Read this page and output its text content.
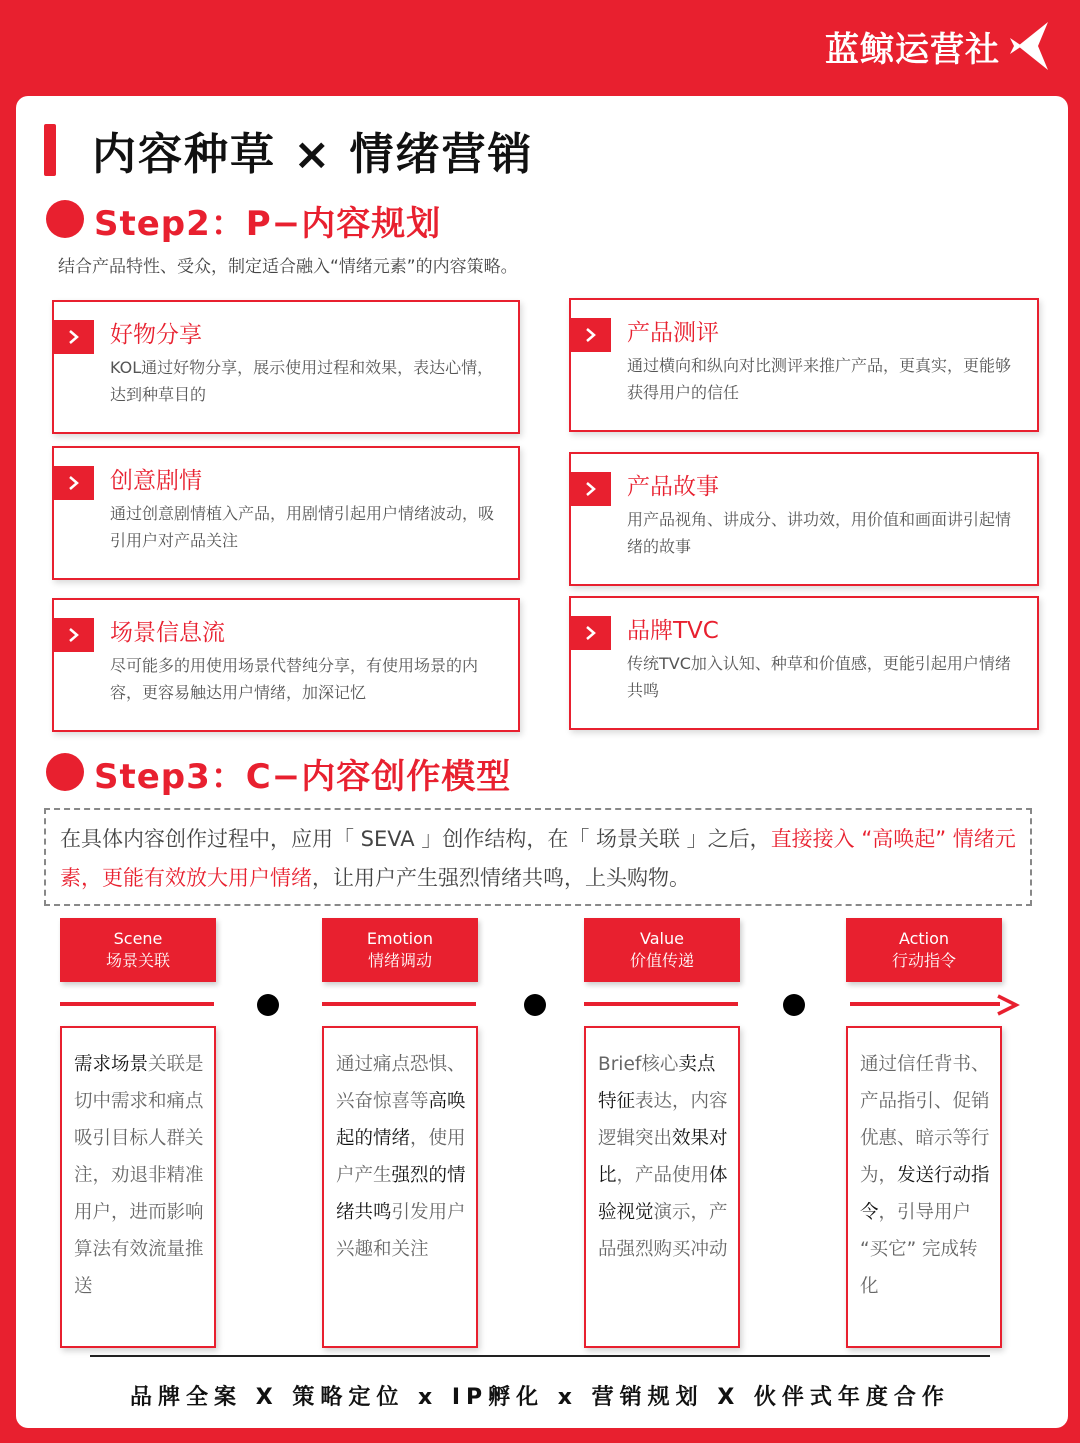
蓝鲸运营社
内容种草 × 情绪营销
Step2：P−内容规划
结合产品特性、受众，制定适合融入“情绪元素”的内容策略。
好物分享
KOL通过好物分享，展示使用过程和效果，表达心情，达到种草目的
产品测评
通过横向和纵向对比测评来推广产品，更真实，更能够获得用户的信任
创意剧情
通过创意剧情植入产品，用剧情引起用户情绪波动，吸引用户对产品关注
产品故事
用产品视角、讲成分、讲功效，用价值和画面讲引起情绪的故事
场景信息流
尽可能多的用使用场景代替纯分享，有使用场景的内容，更容易触达用户情绪，加深记忆
品牌TVC
传统TVC加入认知、种草和价值感，更能引起用户情绪共鸣
Step3：C−内容创作模型
在具体内容创作过程中，应用「 SEVA 」创作结构，在「 场景关联 」之后，直接接入 “高唤起” 情绪元素，更能有效放大用户情绪，让用户产生强烈情绪共鸣，上头购物。
Scene
场景关联
Emotion
情绪调动
Value
价值传递
Action
行动指令
需求场景关联是切中需求和痛点吸引目标人群关注，劝退非精准用户，进而影响算法有效流量推送
通过痛点恐惧、兴奋惊喜等高唤起的情绪，使用户产生强烈的情绪共鸣引发用户兴趣和关注
Brief核心卖点特征表达，内容逻辑突出效果对比，产品使用体验视觉演示，产品强烈购买冲动
通过信任背书、产品指引、促销优惠、暗示等行为，发送行动指令，引导用户 “买它” 完成转化
品牌全案 X 策略定位 x IP孵化 x 营销规划 X 伙伴式年度合作
